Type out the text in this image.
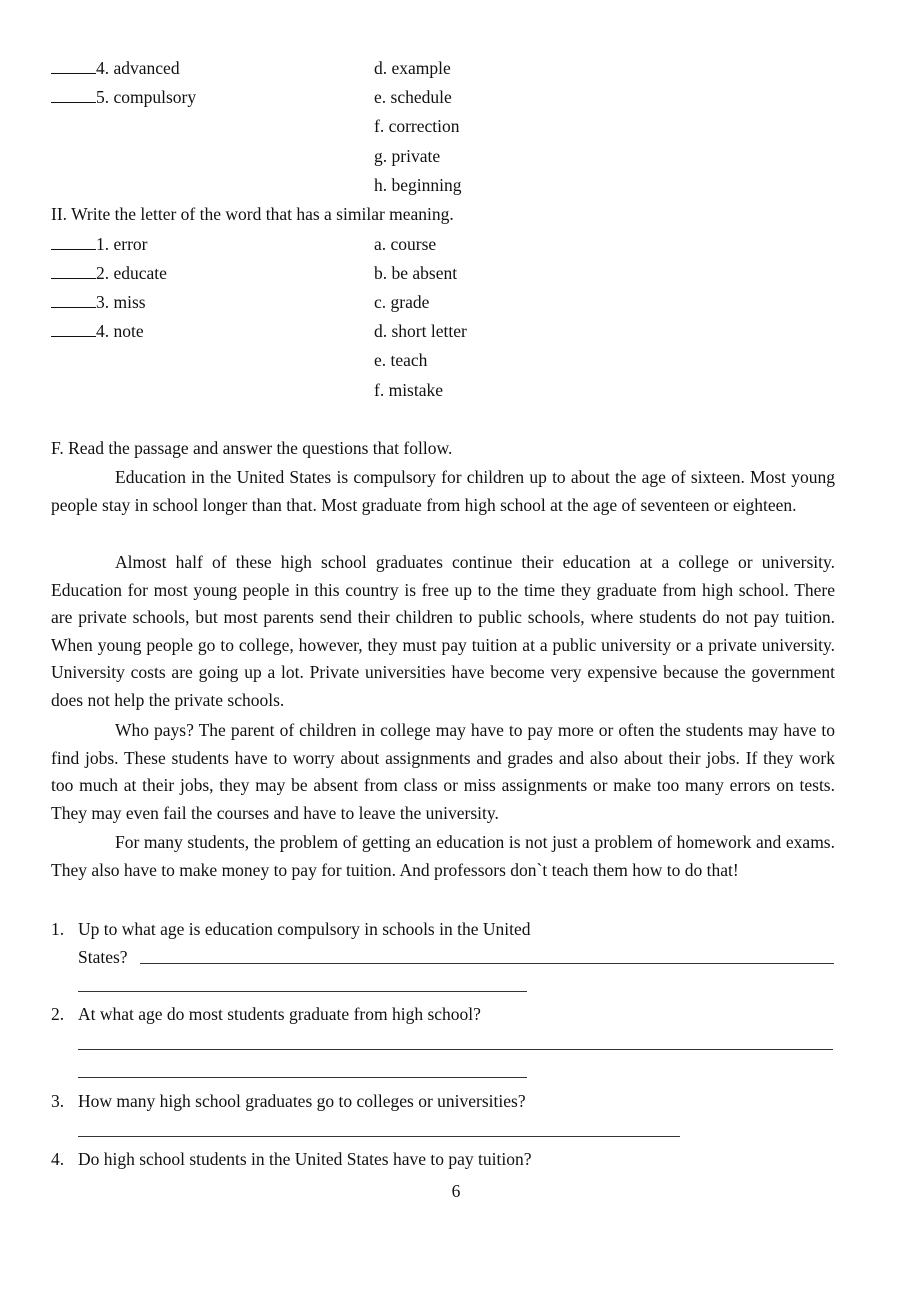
4. advanced
5. compulsory
d. example
e. schedule
f. correction
g. private
h. beginning
II. Write the letter of the word that has a similar meaning.
1. error
2. educate
3. miss
4. note
a. course
b. be absent
c. grade
d. short letter
e. teach
f. mistake
F. Read the passage and answer the questions that follow.

Education in the United States is compulsory for children up to about the age of sixteen. Most young people stay in school longer than that. Most graduate from high school at the age of seventeen or eighteen.

Almost half of these high school graduates continue their education at a college or university. Education for most young people in this country is free up to the time they graduate from high school. There are private schools, but most parents send their children to public schools, where students do not pay tuition. When young people go to college, however, they must pay tuition at a public university or a private university. University costs are going up a lot. Private universities have become very expensive because the government does not help the private schools.

Who pays? The parent of children in college may have to pay more or often the students may have to find jobs. These students have to worry about assignments and grades and also about their jobs. If they work too much at their jobs, they may be absent from class or miss assignments or make too many errors on tests. They may even fail the courses and have to leave the university.

For many students, the problem of getting an education is not just a problem of homework and exams. They also have to make money to pay for tuition. And professors don`t teach them how to do that!

1. Up to what age is education compulsory in schools in the United
States?
2. At what age do most students graduate from high school?
3. How many high school graduates go to colleges or universities?
4. Do high school students in the United States have to pay tuition?
6
